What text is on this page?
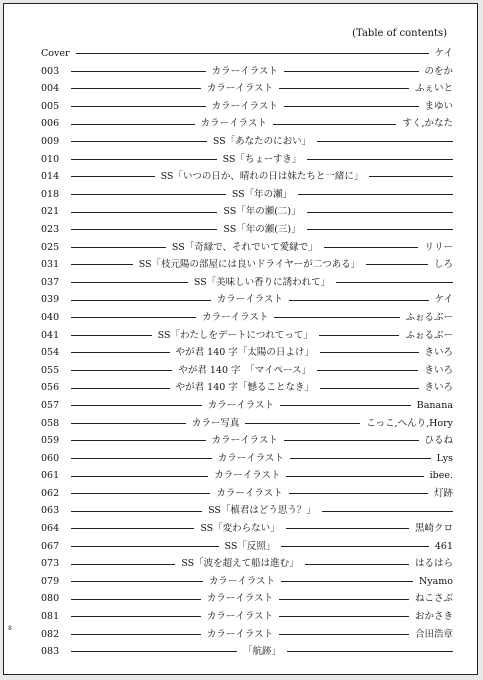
(Table of contents)
Cover	ケイ
003	カラーイラスト	のをか
004	カラーイラスト	ふぇいと
005	カラーイラスト	まゆい
006	カラーイラスト	すく,かなた
009	SS「あなたのにおい」
010	SS「ちょーすき」
014	SS「いつの日か、晴れの日は妹たちと一緒に」
018	SS「年の瀬」
021	SS「年の瀬(二)」
023	SS「年の瀬(三)」
025	SS「奇縁で、それでいて愛縁で」	リリー
031	SS「枝元陽の部屋には良いドライヤーが二つある」	しろ
037	SS「美味しい香りに誘われて」
039	カラーイラスト	ケイ
040	カラーイラスト	ふぉるぶー
041	SS「わたしをデートにつれてって」	ふぉるぶー
054	やが君 140 字「太陽の日よけ」	きいろ
055	やが君 140 字　「マイペース」	きいろ
056	やが君 140 字「憾ることなき」	きいろ
057	カラーイラスト	Banana
058	カラー写真	こっこ,へんり,Hory
059	カラーイラスト	ひるね
060	カラーイラスト	Lys
061	カラーイラスト	ibee.
062	カラーイラスト	灯跡
063	SS「槙君はどう思う？」
064	SS「変わらない」	黒崎クロ
067	SS「反照」	461
073	SS「波を超えて船は進む」	はるはら
079	カラーイラスト	Nyamo
080	カラーイラスト	ねこさぶ
081	カラーイラスト	おかさき
082	カラーイラスト	合田浩章
083	「航跡」
8
